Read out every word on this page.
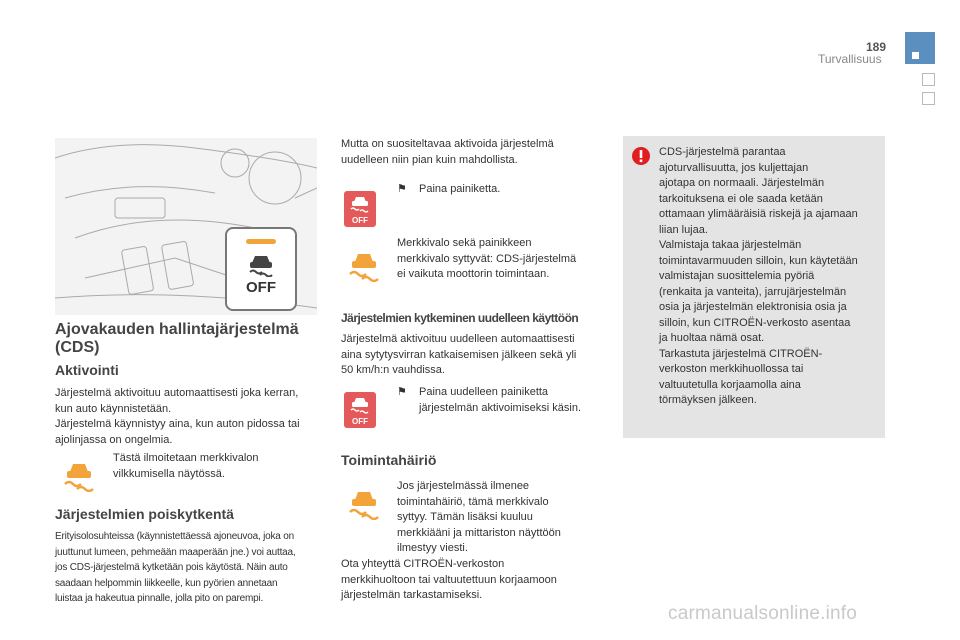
189
Turvallisuus
OFF
Ajovakauden hallintajärjestelmä (CDS)
Aktivointi
Järjestelmä aktivoituu automaattisesti joka kerran, kun auto käynnistetään.
Järjestelmä käynnistyy aina, kun auton pidossa tai ajolinjassa on ongelmia.
Tästä ilmoitetaan merkkivalon
vilkkumisella näytössä.
Järjestelmien poiskytkentä
Erityisolosuhteissa (käynnistettäessä ajoneuvoa, joka on
juuttunut lumeen, pehmeään maaperään jne.) voi auttaa,
jos CDS-järjestelmä kytketään pois käytöstä. Näin auto
saadaan helpommin liikkeelle, kun pyörien annetaan
luistaa ja hakeutua pinnalle, jolla pito on parempi.
Mutta on suositeltavaa aktivoida järjestelmä
uudelleen niin pian kuin mahdollista.
OFF
⚑ Paina painiketta.
Merkkivalo sekä painikkeen
merkkivalo syttyvät: CDS-järjestelmä
ei vaikuta moottorin toimintaan.
Järjestelmien kytkeminen uudelleen käyttöön
Järjestelmä aktivoituu uudelleen automaattisesti
aina sytytysvirran katkaisemisen jälkeen sekä yli
50 km/h:n vauhdissa.
OFF
⚑ Paina uudelleen painiketta
järjestelmän aktivoimiseksi käsin.
Toimintahäiriö
Jos järjestelmässä ilmenee
toimintahäiriö, tämä merkkivalo
syttyy. Tämän lisäksi kuuluu
merkkiääni ja mittariston näyttöön
ilmestyy viesti.
Ota yhteyttä CITROËN-verkoston
merkkihuoltoon tai valtuutettuun korjaamoon
järjestelmän tarkastamiseksi.
CDS-järjestelmä parantaa
ajoturvallisuutta, jos kuljettajan
ajotapa on normaali. Järjestelmän
tarkoituksena ei ole saada ketään
ottamaan ylimääräisiä riskejä ja ajamaan
liian lujaa.
Valmistaja takaa järjestelmän
toimintavarmuuden silloin, kun käytetään
valmistajan suosittelemia pyöriä
(renkaita ja vanteita), jarrujärjestelmän
osia ja järjestelmän elektronisia osia ja
silloin, kun CITROËN-verkosto asentaa
ja huoltaa nämä osat.
Tarkastuta järjestelmä CITROËN-
verkoston merkkihuollossa tai
valtuutetulla korjaamolla aina
törmäyksen jälkeen.
carmanualsonline.info
